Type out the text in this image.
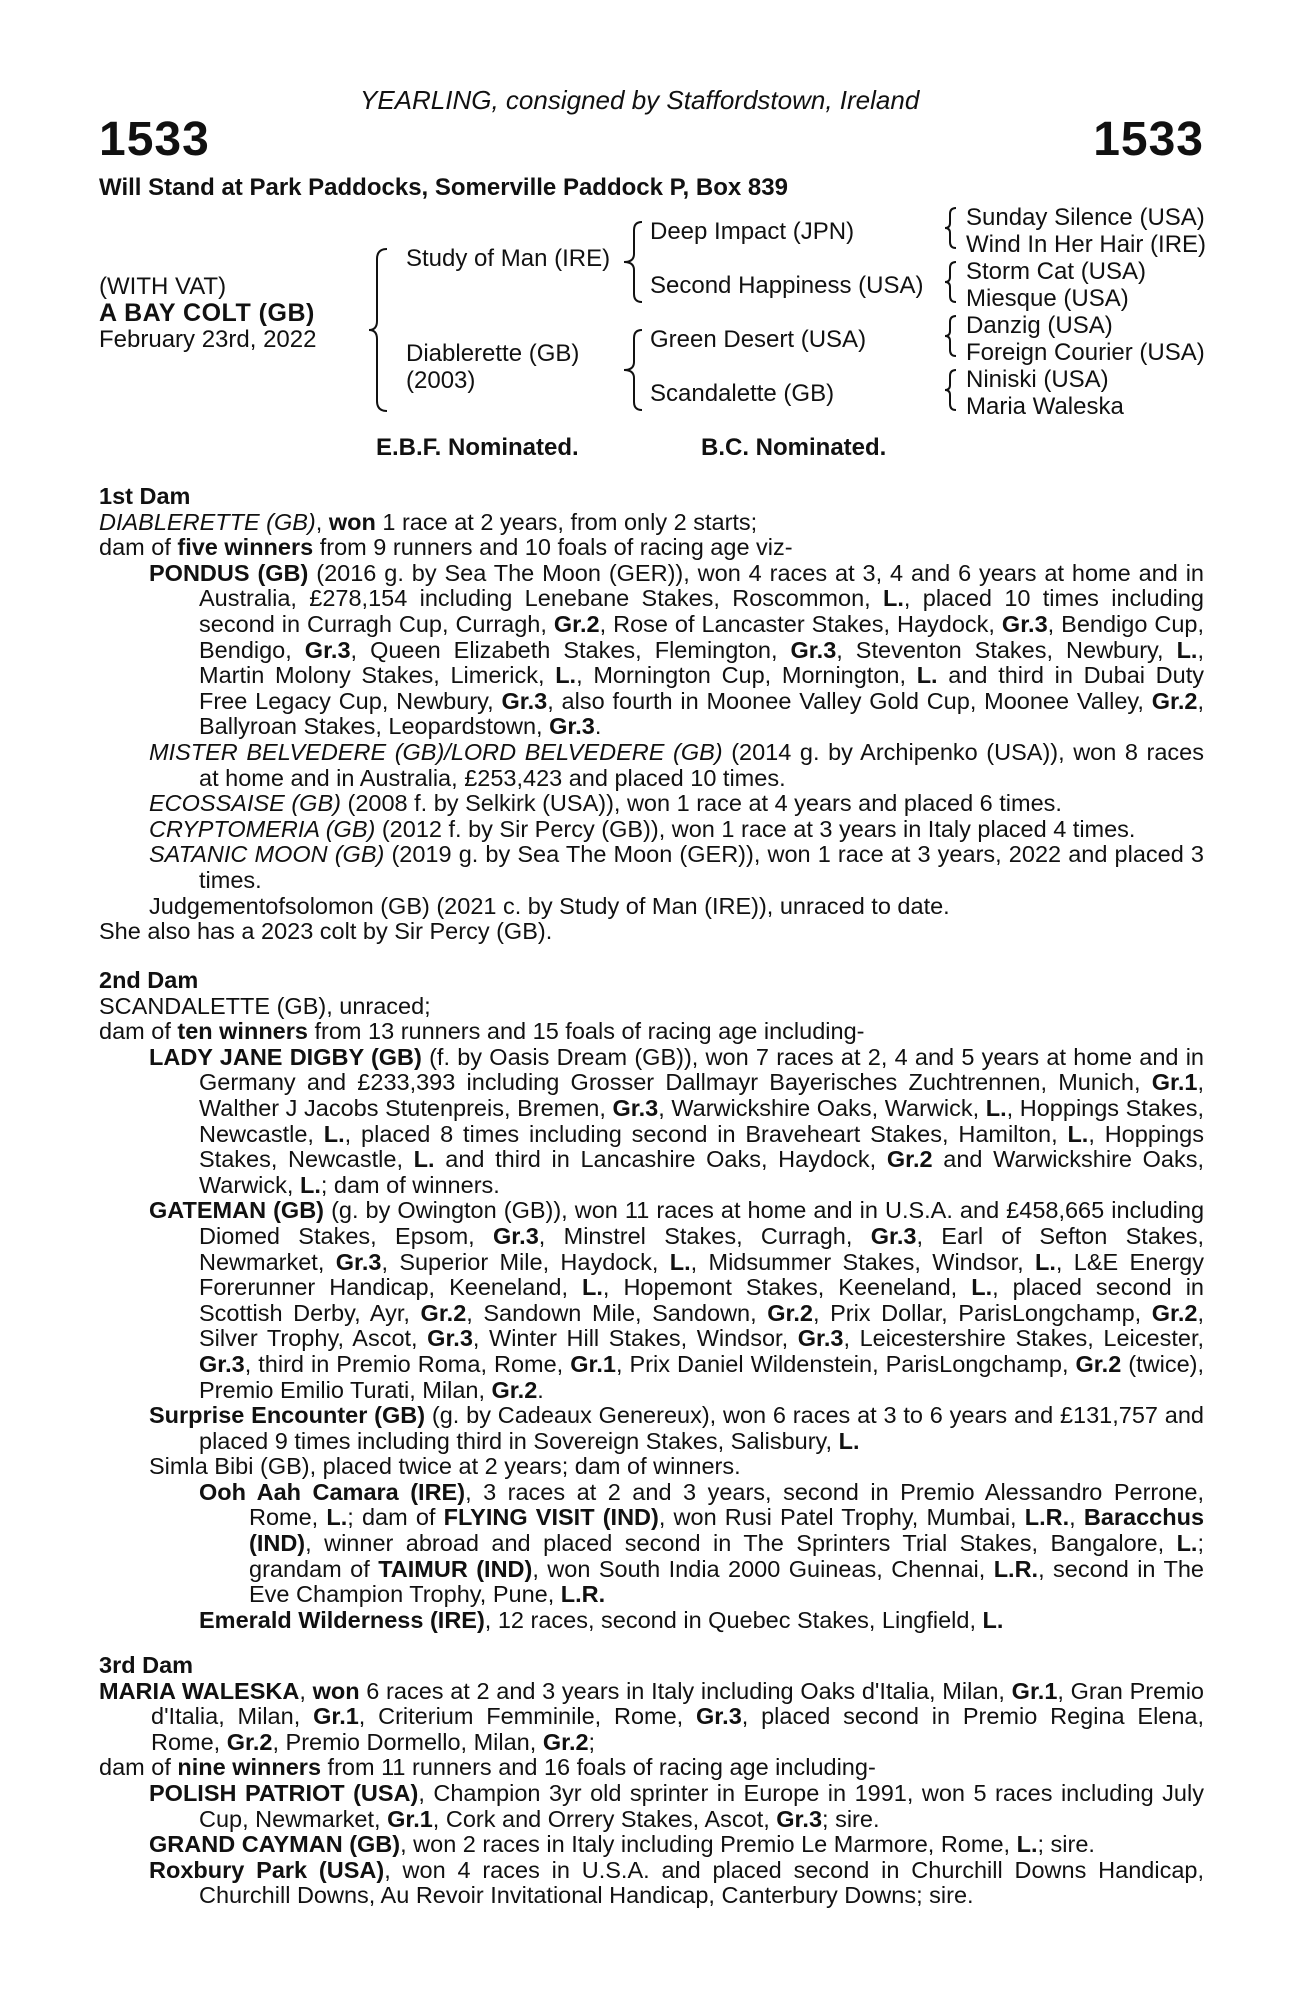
YEARLING, consigned by Staffordstown, Ireland
1533	1533
Will Stand at Park Paddocks, Somerville Paddock P, Box 839
(WITH VAT)
A BAY COLT (GB)
February 23rd, 2022
Study of Man (IRE)
Diablerette (GB)
(2003)
Deep Impact (JPN)
Second Happiness (USA)
Green Desert (USA)
Scandalette (GB)
Sunday Silence (USA)
Wind In Her Hair (IRE)
Storm Cat (USA)
Miesque (USA)
Danzig (USA)
Foreign Courier (USA)
Niniski (USA)
Maria Waleska
E.B.F. Nominated.	B.C. Nominated.

1st Dam

DIABLERETTE (GB), won 1 race at 2 years, from only 2 starts;

dam of five winners from 9 runners and 10 foals of racing age viz-

PONDUS (GB) (2016 g. by Sea The Moon (GER)), won 4 races at 3, 4 and 6 years at home and in Australia, £278,154 including Lenebane Stakes, Roscommon, L., placed 10 times including second in Curragh Cup, Curragh, Gr.2, Rose of Lancaster Stakes, Haydock, Gr.3, Bendigo Cup, Bendigo, Gr.3, Queen Elizabeth Stakes, Flemington, Gr.3, Steventon Stakes, Newbury, L., Martin Molony Stakes, Limerick, L., Mornington Cup, Mornington, L. and third in Dubai Duty Free Legacy Cup, Newbury, Gr.3, also fourth in Moonee Valley Gold Cup, Moonee Valley, Gr.2, Ballyroan Stakes, Leopardstown, Gr.3.

MISTER BELVEDERE (GB)/LORD BELVEDERE (GB) (2014 g. by Archipenko (USA)), won 8 races at home and in Australia, £253,423 and placed 10 times.

ECOSSAISE (GB) (2008 f. by Selkirk (USA)), won 1 race at 4 years and placed 6 times.

CRYPTOMERIA (GB) (2012 f. by Sir Percy (GB)), won 1 race at 3 years in Italy placed 4 times.

SATANIC MOON (GB) (2019 g. by Sea The Moon (GER)), won 1 race at 3 years, 2022 and placed 3 times.

Judgementofsolomon (GB) (2021 c. by Study of Man (IRE)), unraced to date.

She also has a 2023 colt by Sir Percy (GB).

2nd Dam

SCANDALETTE (GB), unraced;

dam of ten winners from 13 runners and 15 foals of racing age including-

LADY JANE DIGBY (GB) (f. by Oasis Dream (GB)), won 7 races at 2, 4 and 5 years at home and in Germany and £233,393 including Grosser Dallmayr Bayerisches Zuchtrennen, Munich, Gr.1, Walther J Jacobs Stutenpreis, Bremen, Gr.3, Warwickshire Oaks, Warwick, L., Hoppings Stakes, Newcastle, L., placed 8 times including second in Braveheart Stakes, Hamilton, L., Hoppings Stakes, Newcastle, L. and third in Lancashire Oaks, Haydock, Gr.2 and Warwickshire Oaks, Warwick, L.; dam of winners.

GATEMAN (GB) (g. by Owington (GB)), won 11 races at home and in U.S.A. and £458,665 including Diomed Stakes, Epsom, Gr.3, Minstrel Stakes, Curragh, Gr.3, Earl of Sefton Stakes, Newmarket, Gr.3, Superior Mile, Haydock, L., Midsummer Stakes, Windsor, L., L&E Energy Forerunner Handicap, Keeneland, L., Hopemont Stakes, Keeneland, L., placed second in Scottish Derby, Ayr, Gr.2, Sandown Mile, Sandown, Gr.2, Prix Dollar, ParisLongchamp, Gr.2, Silver Trophy, Ascot, Gr.3, Winter Hill Stakes, Windsor, Gr.3, Leicestershire Stakes, Leicester, Gr.3, third in Premio Roma, Rome, Gr.1, Prix Daniel Wildenstein, ParisLongchamp, Gr.2 (twice), Premio Emilio Turati, Milan, Gr.2.

Surprise Encounter (GB) (g. by Cadeaux Genereux), won 6 races at 3 to 6 years and £131,757 and placed 9 times including third in Sovereign Stakes, Salisbury, L.

Simla Bibi (GB), placed twice at 2 years; dam of winners.

Ooh Aah Camara (IRE), 3 races at 2 and 3 years, second in Premio Alessandro Perrone, Rome, L.; dam of FLYING VISIT (IND), won Rusi Patel Trophy, Mumbai, L.R., Baracchus (IND), winner abroad and placed second in The Sprinters Trial Stakes, Bangalore, L.; grandam of TAIMUR (IND), won South India 2000 Guineas, Chennai, L.R., second in The Eve Champion Trophy, Pune, L.R.

Emerald Wilderness (IRE), 12 races, second in Quebec Stakes, Lingfield, L.

3rd Dam

MARIA WALESKA, won 6 races at 2 and 3 years in Italy including Oaks d'Italia, Milan, Gr.1, Gran Premio d'Italia, Milan, Gr.1, Criterium Femminile, Rome, Gr.3, placed second in Premio Regina Elena, Rome, Gr.2, Premio Dormello, Milan, Gr.2;

dam of nine winners from 11 runners and 16 foals of racing age including-

POLISH PATRIOT (USA), Champion 3yr old sprinter in Europe in 1991, won 5 races including July Cup, Newmarket, Gr.1, Cork and Orrery Stakes, Ascot, Gr.3; sire.

GRAND CAYMAN (GB), won 2 races in Italy including Premio Le Marmore, Rome, L.; sire.

Roxbury Park (USA), won 4 races in U.S.A. and placed second in Churchill Downs Handicap, Churchill Downs, Au Revoir Invitational Handicap, Canterbury Downs; sire.
